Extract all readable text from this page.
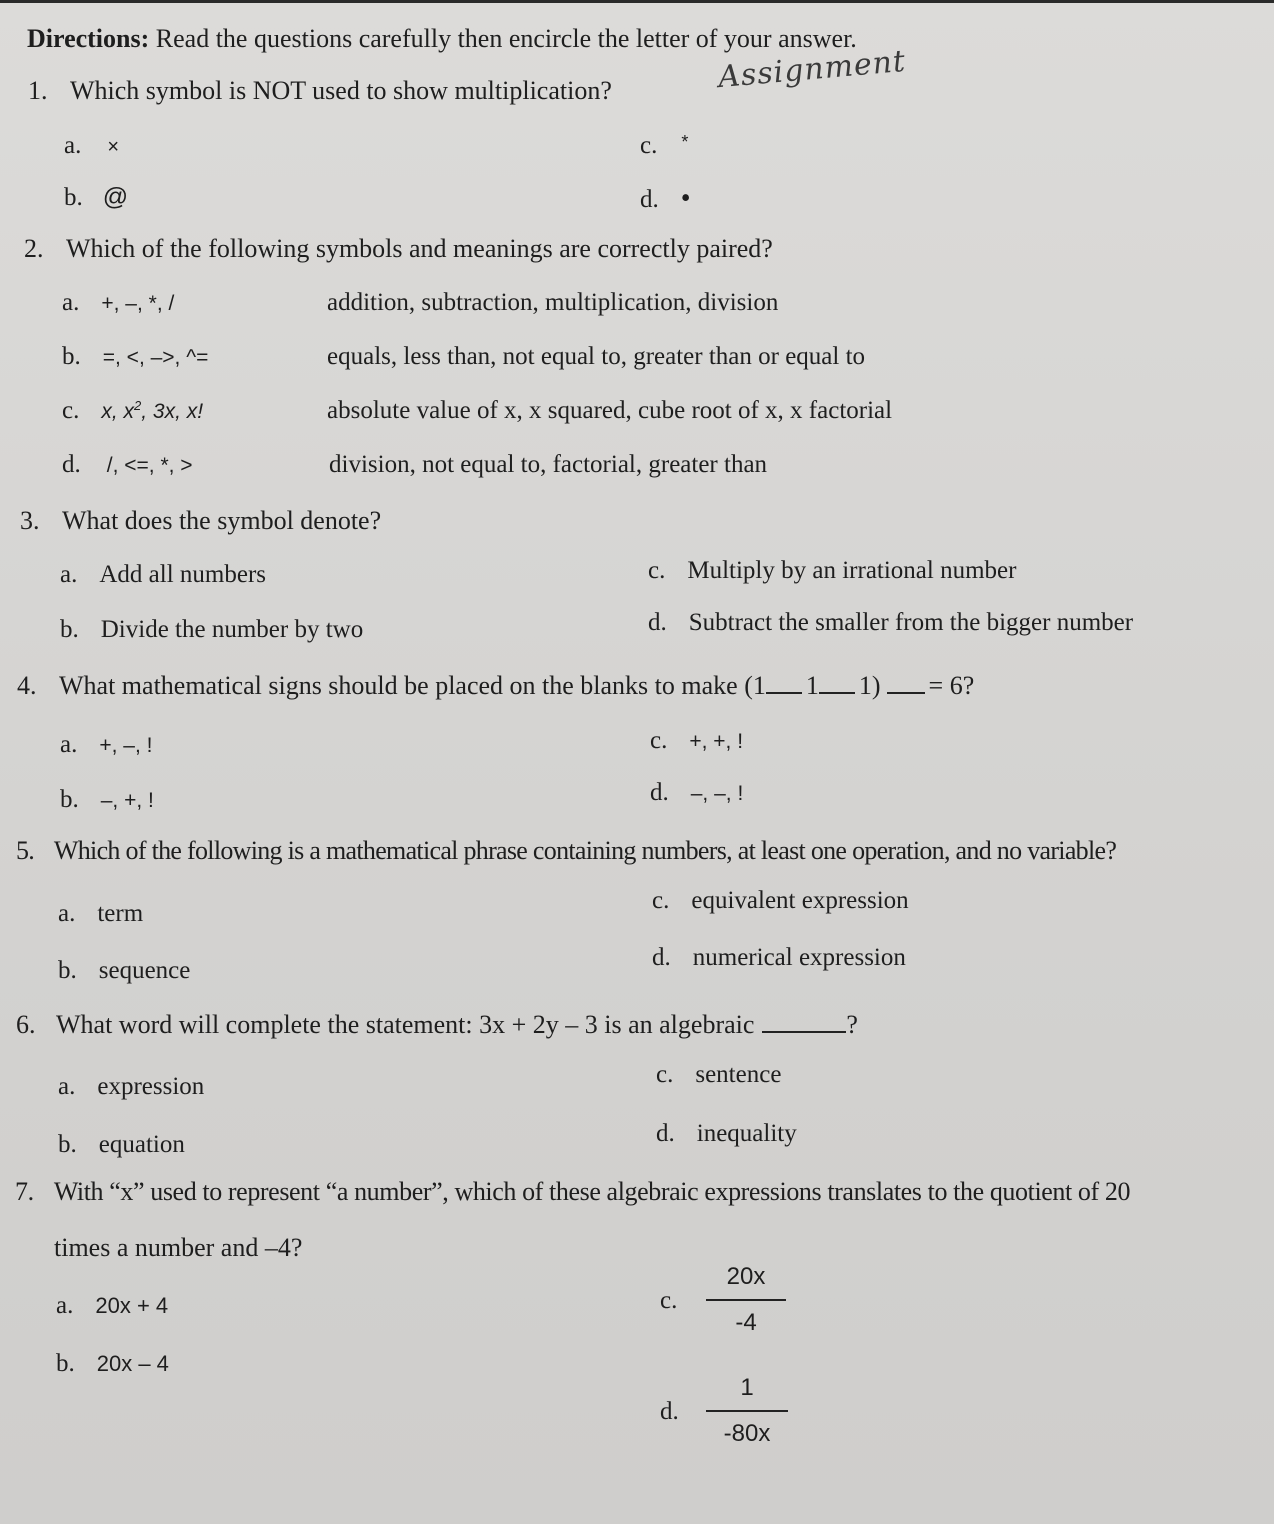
Directions: Read the questions carefully then encircle the letter of your answer.
Assignment
1. Which symbol is NOT used to show multiplication?
a. ×
b. @
c. *
d. •
2. Which of the following symbols and meanings are correctly paired?
a. +, –, *, /	addition, subtraction, multiplication, division
b. =, <, –>, ^=	equals, less than, not equal to, greater than or equal to
c. x, $x^2$, 3x, x!	absolute value of x, x squared, cube root of x, x factorial
d. /, <=, *, >	division, not equal to, factorial, greater than
3. What does the symbol denote?
a. Add all numbers
b. Divide the number by two
c. Multiply by an irrational number
d. Subtract the smaller from the bigger number
4. What mathematical signs should be placed on the blanks to make (1 1 1) = 6?
a. +, –, !
b. –, +, !
c. +, +, !
d. –, –, !
5. Which of the following is a mathematical phrase containing numbers, at least one operation, and no variable?
a. term
b. sequence
c. equivalent expression
d. numerical expression
6. What word will complete the statement: 3x + 2y – 3 is an algebraic	?
a. expression
b. equation
c. sentence
d. inequality
7. With “x” used to represent “a number”, which of these algebraic expressions translates to the quotient of 20
times a number and –4?
a. 20x + 4
b. 20x – 4
c.
20x
-4
d.
1
-80x
